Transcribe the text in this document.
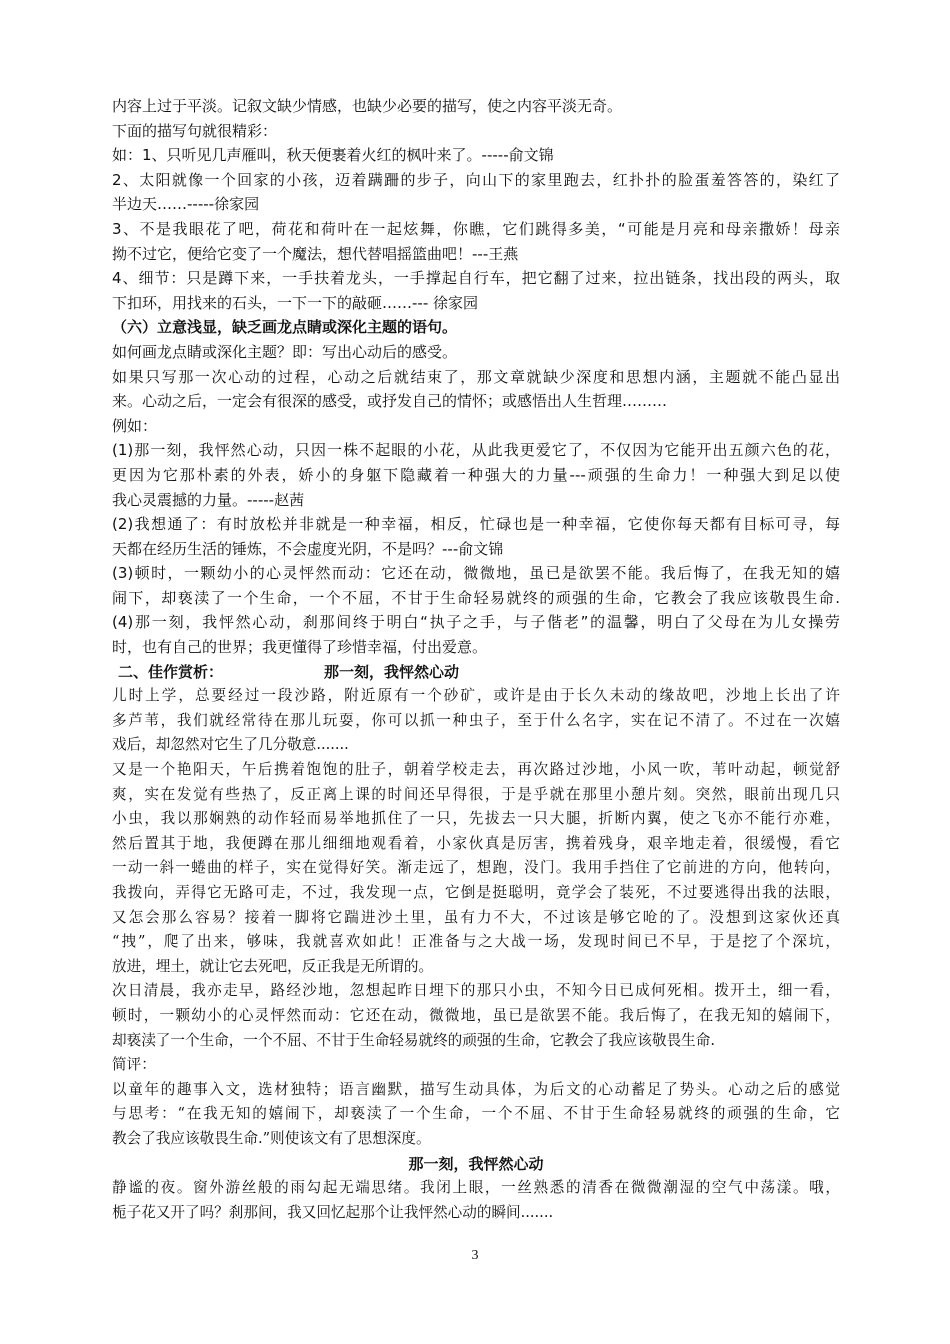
内容上过于平淡。记叙文缺少情感，也缺少必要的描写，使之内容平淡无奇。
下面的描写句就很精彩：
如：1、只听见几声雁叫，秋天便裹着火红的枫叶来了。-----俞文锦
2、太阳就像一个回家的小孩，迈着蹒跚的步子，向山下的家里跑去，红扑扑的脸蛋羞答答的，染红了
半边天……-----徐家园
3、不是我眼花了吧，荷花和荷叶在一起炫舞，你瞧，它们跳得多美，“可能是月亮和母亲撒娇！母亲
拗不过它，便给它变了一个魔法，想代替唱摇篮曲吧！---王燕
4、细节：只是蹲下来，一手扶着龙头，一手撑起自行车，把它翻了过来，拉出链条，找出段的两头，取
下扣环，用找来的石头，一下一下的敲砸……--- 徐家园
（六）立意浅显，缺乏画龙点睛或深化主题的语句。
如何画龙点睛或深化主题？即：写出心动后的感受。
如果只写那一次心动的过程，心动之后就结束了，那文章就缺少深度和思想内涵，主题就不能凸显出
来。心动之后，一定会有很深的感受，或抒发自己的情怀；或感悟出人生哲理………
例如：
(1)那一刻，我怦然心动，只因一株不起眼的小花，从此我更爱它了，不仅因为它能开出五颜六色的花，
更因为它那朴素的外表，娇小的身躯下隐藏着一种强大的力量---顽强的生命力！一种强大到足以使
我心灵震撼的力量。-----赵茜
(2)我想通了：有时放松并非就是一种幸福，相反，忙碌也是一种幸福，它使你每天都有目标可寻，每
天都在经历生活的锤炼，不会虚度光阴，不是吗？---俞文锦
(3)顿时，一颗幼小的心灵怦然而动：它还在动，微微地，虽已是欲罢不能。我后悔了，在我无知的嬉
闹下，却亵渎了一个生命，一个不屈，不甘于生命轻易就终的顽强的生命，它教会了我应该敬畏生命.
(4)那一刻，我怦然心动，刹那间终于明白“执子之手，与子偕老”的温馨，明白了父母在为儿女操劳
时，也有自己的世界；我更懂得了珍惜幸福，付出爱意。
二、佳作赏析：	那一刻，我怦然心动

儿时上学，总要经过一段沙路，附近原有一个砂矿，或许是由于长久未动的缘故吧，沙地上长出了许
多芦苇，我们就经常待在那儿玩耍，你可以抓一种虫子，至于什么名字，实在记不清了。不过在一次嬉
戏后，却忽然对它生了几分敬意.......
又是一个艳阳天，午后携着饱饱的肚子，朝着学校走去，再次路过沙地，小风一吹，苇叶动起，顿觉舒
爽，实在发觉有些热了，反正离上课的时间还早得很，于是乎就在那里小憩片刻。突然，眼前出现几只
小虫，我以那娴熟的动作轻而易举地抓住了一只，先拔去一只大腿，折断内翼，使之飞亦不能行亦难，
然后置其于地，我便蹲在那儿细细地观看着，小家伙真是厉害，携着残身，艰辛地走着，很缓慢，看它
一动一斜一蜷曲的样子，实在觉得好笑。渐走远了，想跑，没门。我用手挡住了它前进的方向，他转向，
我拨向，弄得它无路可走，不过，我发现一点，它倒是挺聪明，竟学会了装死，不过要逃得出我的法眼，
又怎会那么容易？接着一脚将它踹进沙土里，虽有力不大，不过该是够它呛的了。没想到这家伙还真
“拽”，爬了出来，够味，我就喜欢如此！正准备与之大战一场，发现时间已不早，于是挖了个深坑，
放进，埋土，就让它去死吧，反正我是无所谓的。
次日清晨，我亦走早，路经沙地，忽想起昨日埋下的那只小虫，不知今日已成何死相。拨开土，细一看，
顿时，一颗幼小的心灵怦然而动：它还在动，微微地，虽已是欲罢不能。我后悔了，在我无知的嬉闹下，
却亵渎了一个生命，一个不屈、不甘于生命轻易就终的顽强的生命，它教会了我应该敬畏生命.
简评：
以童年的趣事入文，选材独特；语言幽默，描写生动具体，为后文的心动蓄足了势头。心动之后的感觉
与思考：“在我无知的嬉闹下，却亵渎了一个生命，一个不屈、不甘于生命轻易就终的顽强的生命，它
教会了我应该敬畏生命.”则使该文有了思想深度。
那一刻，我怦然心动
静谧的夜。窗外游丝般的雨勾起无端思绪。我闭上眼，一丝熟悉的清香在微微潮湿的空气中荡漾。哦，
栀子花又开了吗？刹那间，我又回忆起那个让我怦然心动的瞬间.......
3
